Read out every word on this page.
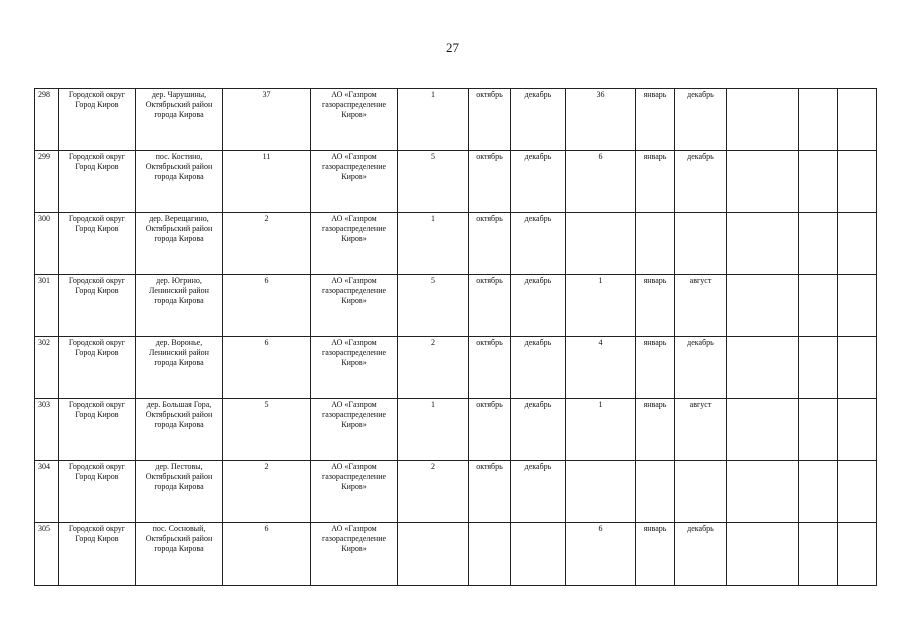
27
298	Городской округ Город Киров	дер. Чарушины, Октябрьский район города Кирова	37	АО «Газпром газораспределение Киров»	1	октябрь	декабрь	36	январь	декабрь			
299	Городской округ Город Киров	пос. Костино, Октябрьский район города Кирова	11	АО «Газпром газораспределение Киров»	5	октябрь	декабрь	6	январь	декабрь			
300	Городской округ Город Киров	дер. Верещагино, Октябрьский район города Кирова	2	АО «Газпром газораспределение Киров»	1	октябрь	декабрь						
301	Городской округ Город Киров	дер. Югрино, Ленинский район города Кирова	6	АО «Газпром газораспределение Киров»	5	октябрь	декабрь	1	январь	август			
302	Городской округ Город Киров	дер. Воронье, Ленинский район города Кирова	6	АО «Газпром газораспределение Киров»	2	октябрь	декабрь	4	январь	декабрь			
303	Городской округ Город Киров	дер. Большая Гора, Октябрьский район города Кирова	5	АО «Газпром газораспределение Киров»	1	октябрь	декабрь	1	январь	август			
304	Городской округ Город Киров	дер. Пестовы, Октябрьский район города Кирова	2	АО «Газпром газораспределение Киров»	2	октябрь	декабрь						
305	Городской округ Город Киров	пос. Сосновый, Октябрьский район города Кирова	6	АО «Газпром газораспределение Киров»				6	январь	декабрь			
